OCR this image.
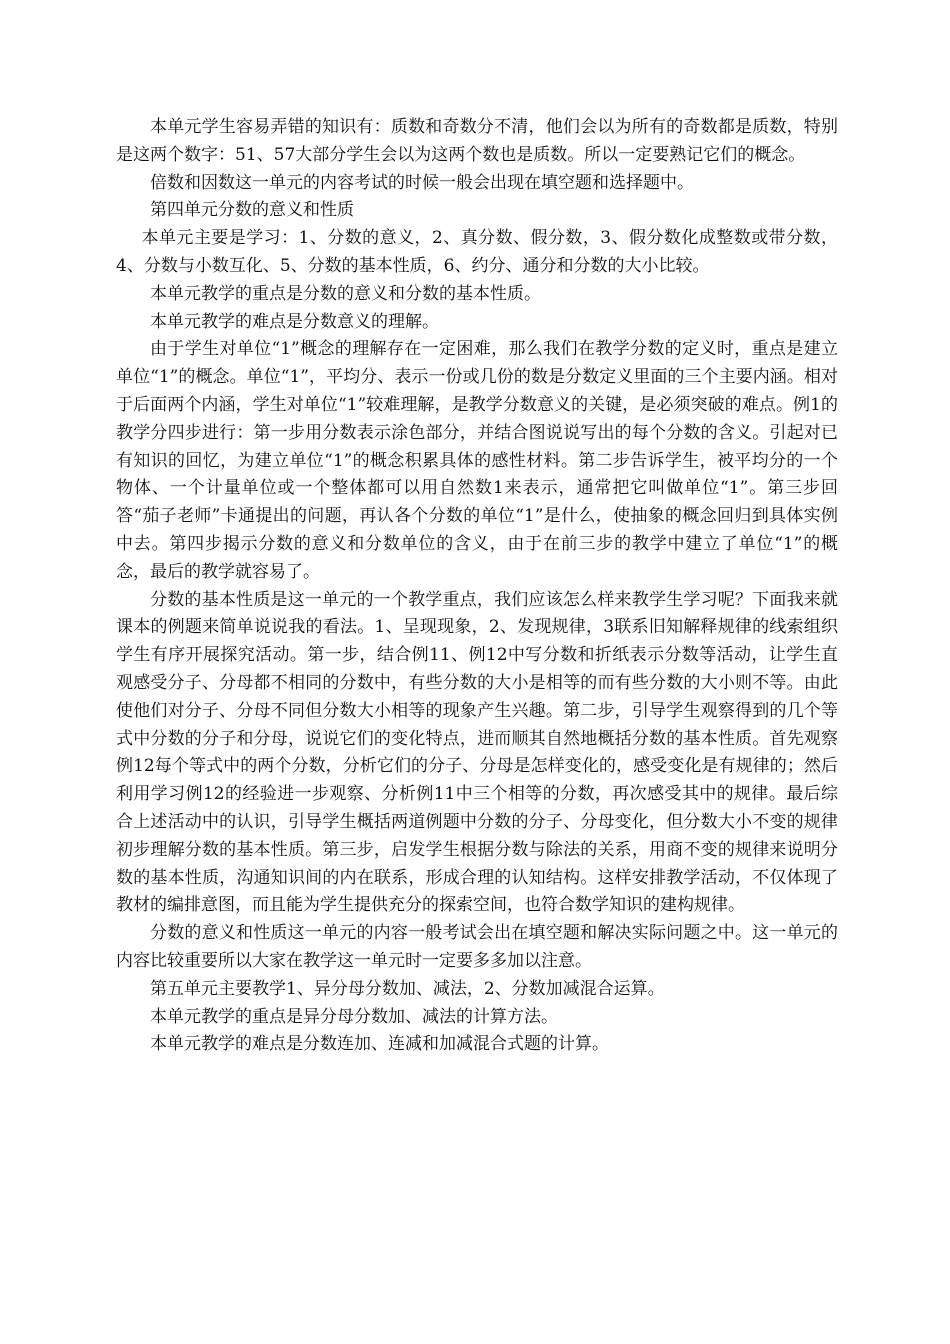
本单元学生容易弄错的知识有：质数和奇数分不清，他们会以为所有的奇数都是质数，特别是这两个数字：51、57大部分学生会以为这两个数也是质数。所以一定要熟记它们的概念。

倍数和因数这一单元的内容考试的时候一般会出现在填空题和选择题中。

第四单元分数的意义和性质

本单元主要是学习：1、分数的意义，2、真分数、假分数，3、假分数化成整数或带分数，4、分数与小数互化、5、分数的基本性质，6、约分、通分和分数的大小比较。

本单元教学的重点是分数的意义和分数的基本性质。

本单元教学的难点是分数意义的理解。

由于学生对单位“1”概念的理解存在一定困难，那么我们在教学分数的定义时，重点是建立单位“1”的概念。单位“1”，平均分、表示一份或几份的数是分数定义里面的三个主要内涵。相对于后面两个内涵，学生对单位“1”较难理解，是教学分数意义的关键，是必须突破的难点。例1的教学分四步进行：第一步用分数表示涂色部分，并结合图说说写出的每个分数的含义。引起对已有知识的回忆，为建立单位“1”的概念积累具体的感性材料。第二步告诉学生，被平均分的一个物体、一个计量单位或一个整体都可以用自然数1来表示，通常把它叫做单位“1”。第三步回答“茄子老师”卡通提出的问题，再认各个分数的单位“1”是什么，使抽象的概念回归到具体实例中去。第四步揭示分数的意义和分数单位的含义，由于在前三步的教学中建立了单位“1”的概念，最后的教学就容易了。

分数的基本性质是这一单元的一个教学重点，我们应该怎么样来教学生学习呢？下面我来就课本的例题来简单说说我的看法。1、呈现现象，2、发现规律，3联系旧知解释规律的线索组织学生有序开展探究活动。第一步，结合例11、例12中写分数和折纸表示分数等活动，让学生直观感受分子、分母都不相同的分数中，有些分数的大小是相等的而有些分数的大小则不等。由此使他们对分子、分母不同但分数大小相等的现象产生兴趣。第二步，引导学生观察得到的几个等式中分数的分子和分母，说说它们的变化特点，进而顺其自然地概括分数的基本性质。首先观察例12每个等式中的两个分数，分析它们的分子、分母是怎样变化的，感受变化是有规律的；然后利用学习例12的经验进一步观察、分析例11中三个相等的分数，再次感受其中的规律。最后综合上述活动中的认识，引导学生概括两道例题中分数的分子、分母变化，但分数大小不变的规律初步理解分数的基本性质。第三步，启发学生根据分数与除法的关系，用商不变的规律来说明分数的基本性质，沟通知识间的内在联系，形成合理的认知结构。这样安排教学活动，不仅体现了教材的编排意图，而且能为学生提供充分的探索空间，也符合数学知识的建构规律。

分数的意义和性质这一单元的内容一般考试会出在填空题和解决实际问题之中。这一单元的内容比较重要所以大家在教学这一单元时一定要多多加以注意。

第五单元主要教学1、异分母分数加、减法，2、分数加减混合运算。

本单元教学的重点是异分母分数加、减法的计算方法。

本单元教学的难点是分数连加、连减和加减混合式题的计算。
